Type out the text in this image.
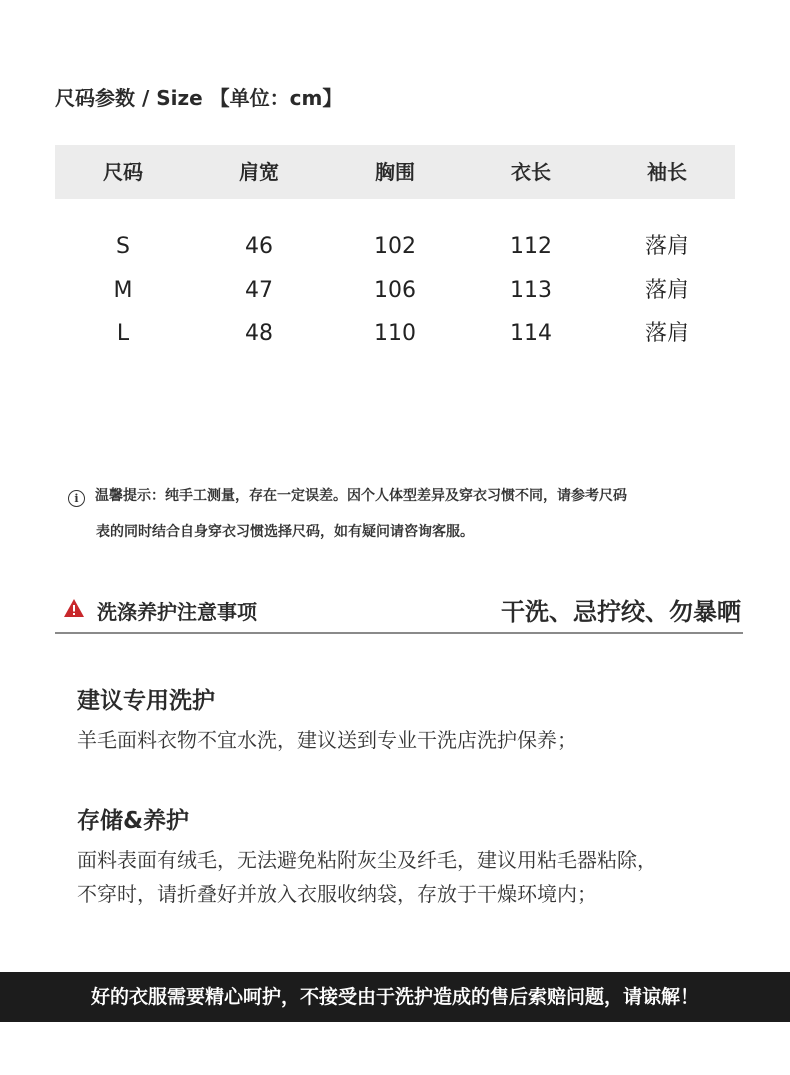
尺码参数 / Size 【单位：cm】
尺码	肩宽	胸围	衣长	袖长
S	46	102	112	落肩
M	47	106	113	落肩
L	48	110	114	落肩
i 温馨提示：纯手工测量，存在一定误差。因个人体型差异及穿衣习惯不同，请参考尺码
表的同时结合自身穿衣习惯选择尺码，如有疑问请咨询客服。
洗涤养护注意事项	干洗、忌拧绞、勿暴晒
建议专用洗护
羊毛面料衣物不宜水洗，建议送到专业干洗店洗护保养；
存储&养护
面料表面有绒毛，无法避免粘附灰尘及纤毛，建议用粘毛器粘除，
不穿时，请折叠好并放入衣服收纳袋，存放于干燥环境内；
好的衣服需要精心呵护，不接受由于洗护造成的售后索赔问题，请谅解！
